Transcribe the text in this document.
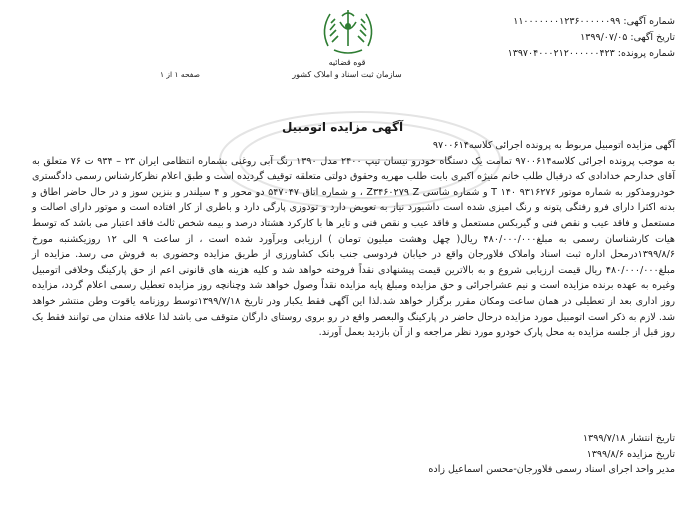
شماره آگهی: ۱۱۰۰۰۰۰۰۰۱۲۳۶۰۰۰۰۰۰۹۹
تاریخ آگهی: ۱۳۹۹/۰۷/۰۵
شماره پرونده: ۱۳۹۷۰۴۰۰۰۲۱۲۰۰۰۰۰۰۴۲۳
قوه قضائیه
سازمان ثبت اسناد و املاک کشور
صفحه ۱ از ۱
آگهی مزایده اتومبیل

آگهی مزایده اتومبیل مربوط به پرونده اجرائی کلاسه۹۷۰۰۶۱۴

به موجب پرونده اجرائی کلاسه۹۷۰۰۶۱۴ تمامت یک دستگاه خودرو نیسان تیپ ۲۴۰۰ مدل ۱۳۹۰ رنگ آبی روغنی بشماره انتظامی ایران ۲۳ – ۹۳۴ ت ۷۶ متعلق به آقای خدارحم خدادادی که درقبال طلب خانم منیژه اکبری بابت طلب مهریه وحقوق دولتی متعلقه توقیف گردیده است و طبق اعلام نظرکارشناس رسمی دادگستری خودرومذکور به شماره موتور ۹۳۱۶۲۷۶ T ۱۴۰ و شماره شاسی Z۳۴۶۰۲۷۹ Z ، و شماره اتاق ۵۴۷۰۴۷ دو محور و ۴ سیلندر و بنزین سوز و در حال حاضر اطاق و بدنه اکثرا دارای فرو رفتگی پتونه و رنگ امیزی شده است داشبورد نیاز به تعویض دارد و تودوزی پارگی دارد و باطری از کار افتاده است و موتور دارای اصالت و مستعمل و فاقد عیب و نقص فنی و گیربکس مستعمل و فاقد عیب و نقص فنی و تایر ها با کارکرد هشتاد درصد و بیمه شخص ثالث فاقد اعتبار می باشد که توسط هیات کارشناسان رسمی به مبلغ۴۸۰/۰۰۰/۰۰۰ ریال( چهل وهشت میلیون تومان ) ارزیابی وبرآورد شده است ، از ساعت ۹ الی ۱۲ روزیکشنبه مورخ ۱۳۹۹/۸/۶درمحل اداره ثبت اسناد واملاک فلاورجان واقع در خیابان فردوسی جنب بانک کشاورزی از طریق مزایده وحضوری به فروش می رسد. مزایده از مبلغ۴۸۰/۰۰۰/۰۰۰ ریال قیمت ارزیابی شروع و به بالاترین قیمت پیشنهادی نقداً فروخته خواهد شد و کلیه هزینه های قانونی اعم از حق پارکینگ وخلافی اتومبیل وغیره به عهده برنده مزایده است و نیم عشراجرائی و حق مزایده ومبلغ پایه مزایده نقداً وصول خواهد شد وچنانچه روز مزایده تعطیل رسمی اعلام گردد، مزایده روز اداری بعد از تعطیلی در همان ساعت ومکان مقرر برگزار خواهد شد.لذا این آگهی فقط یکبار ودر تاریخ ۱۳۹۹/۷/۱۸توسط روزنامه یاقوت وطن منتشر خواهد شد. لازم به ذکر است اتومبیل مورد مزایده درحال حاضر در پارکینگ والبعصر واقع در رو بروی روستای دارگان متوقف می باشد لذا علاقه مندان می توانند فقط یک روز قبل از جلسه مزایده به محل پارک خودرو مورد نظر مراجعه و از آن بازدید بعمل آورند.

تاریخ انتشار ۱۳۹۹/۷/۱۸
تاریخ مزایده ۱۳۹۹/۸/۶
مدیر واحد اجرای اسناد رسمی فلاورجان-محسن اسماعیل زاده
